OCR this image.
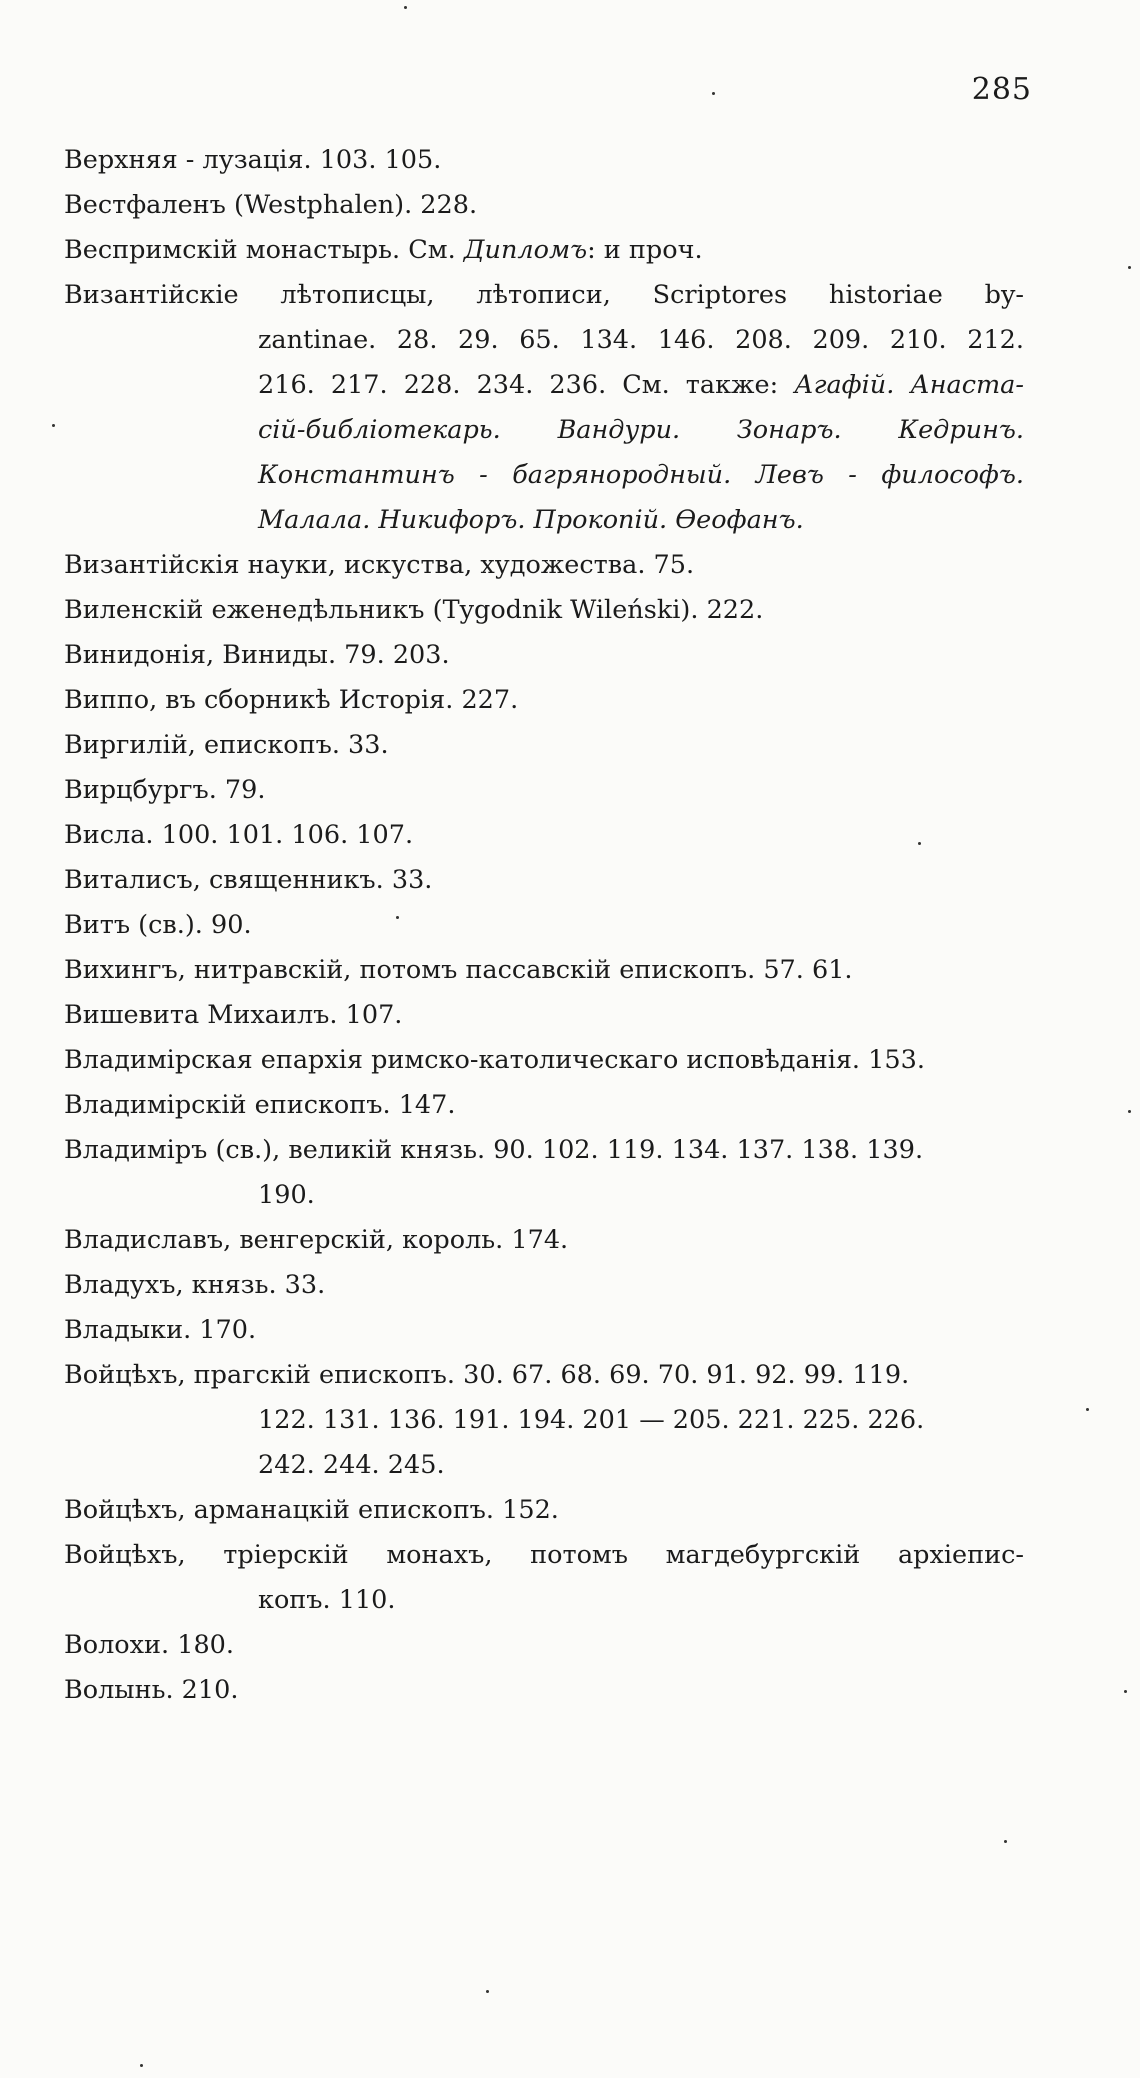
285
Верхняя - лузація. 103. 105.
Вестфаленъ (Westphalen). 228.
Веспримскій монастырь. См. Дипломъ: и проч.
Византійскіе лѣтописцы, лѣтописи, Scriptores historiae by-
zantinae. 28. 29. 65. 134. 146. 208. 209. 210. 212.
216. 217. 228. 234. 236. См. также: Агафій. Анаста-
сій-библіотекарь. Вандури. Зонаръ. Кедринъ.
Константинъ - багрянородный. Левъ - философъ.
Малала. Никифоръ. Прокопій. Ѳеофанъ.
Византійскія науки, искуства, художества. 75.
Виленскій еженедѣльникъ (Tygodnik Wileński). 222.
Винидонія, Виниды. 79. 203.
Виппо, въ сборникѣ Исторія. 227.
Виргилій, епископъ. 33.
Вирцбургъ. 79.
Висла. 100. 101. 106. 107.
Виталисъ, священникъ. 33.
Витъ (св.). 90.
Вихингъ, нитравскій, потомъ пассавскій епископъ. 57. 61.
Вишевита Михаилъ. 107.
Владимірская епархія римско-католическаго исповѣданія. 153.
Владимірскій епископъ. 147.
Владиміръ (св.), великій князь. 90. 102. 119. 134. 137. 138. 139.
190.
Владиславъ, венгерскій, король. 174.
Владухъ, князь. 33.
Владыки. 170.
Войцѣхъ, прагскій епископъ. 30. 67. 68. 69. 70. 91. 92. 99. 119.
122. 131. 136. 191. 194. 201 — 205. 221. 225. 226.
242. 244. 245.
Войцѣхъ, арманацкій епископъ. 152.
Войцѣхъ, тріерскій монахъ, потомъ магдебургскій архіепис-
копъ. 110.
Волохи. 180.
Волынь. 210.
